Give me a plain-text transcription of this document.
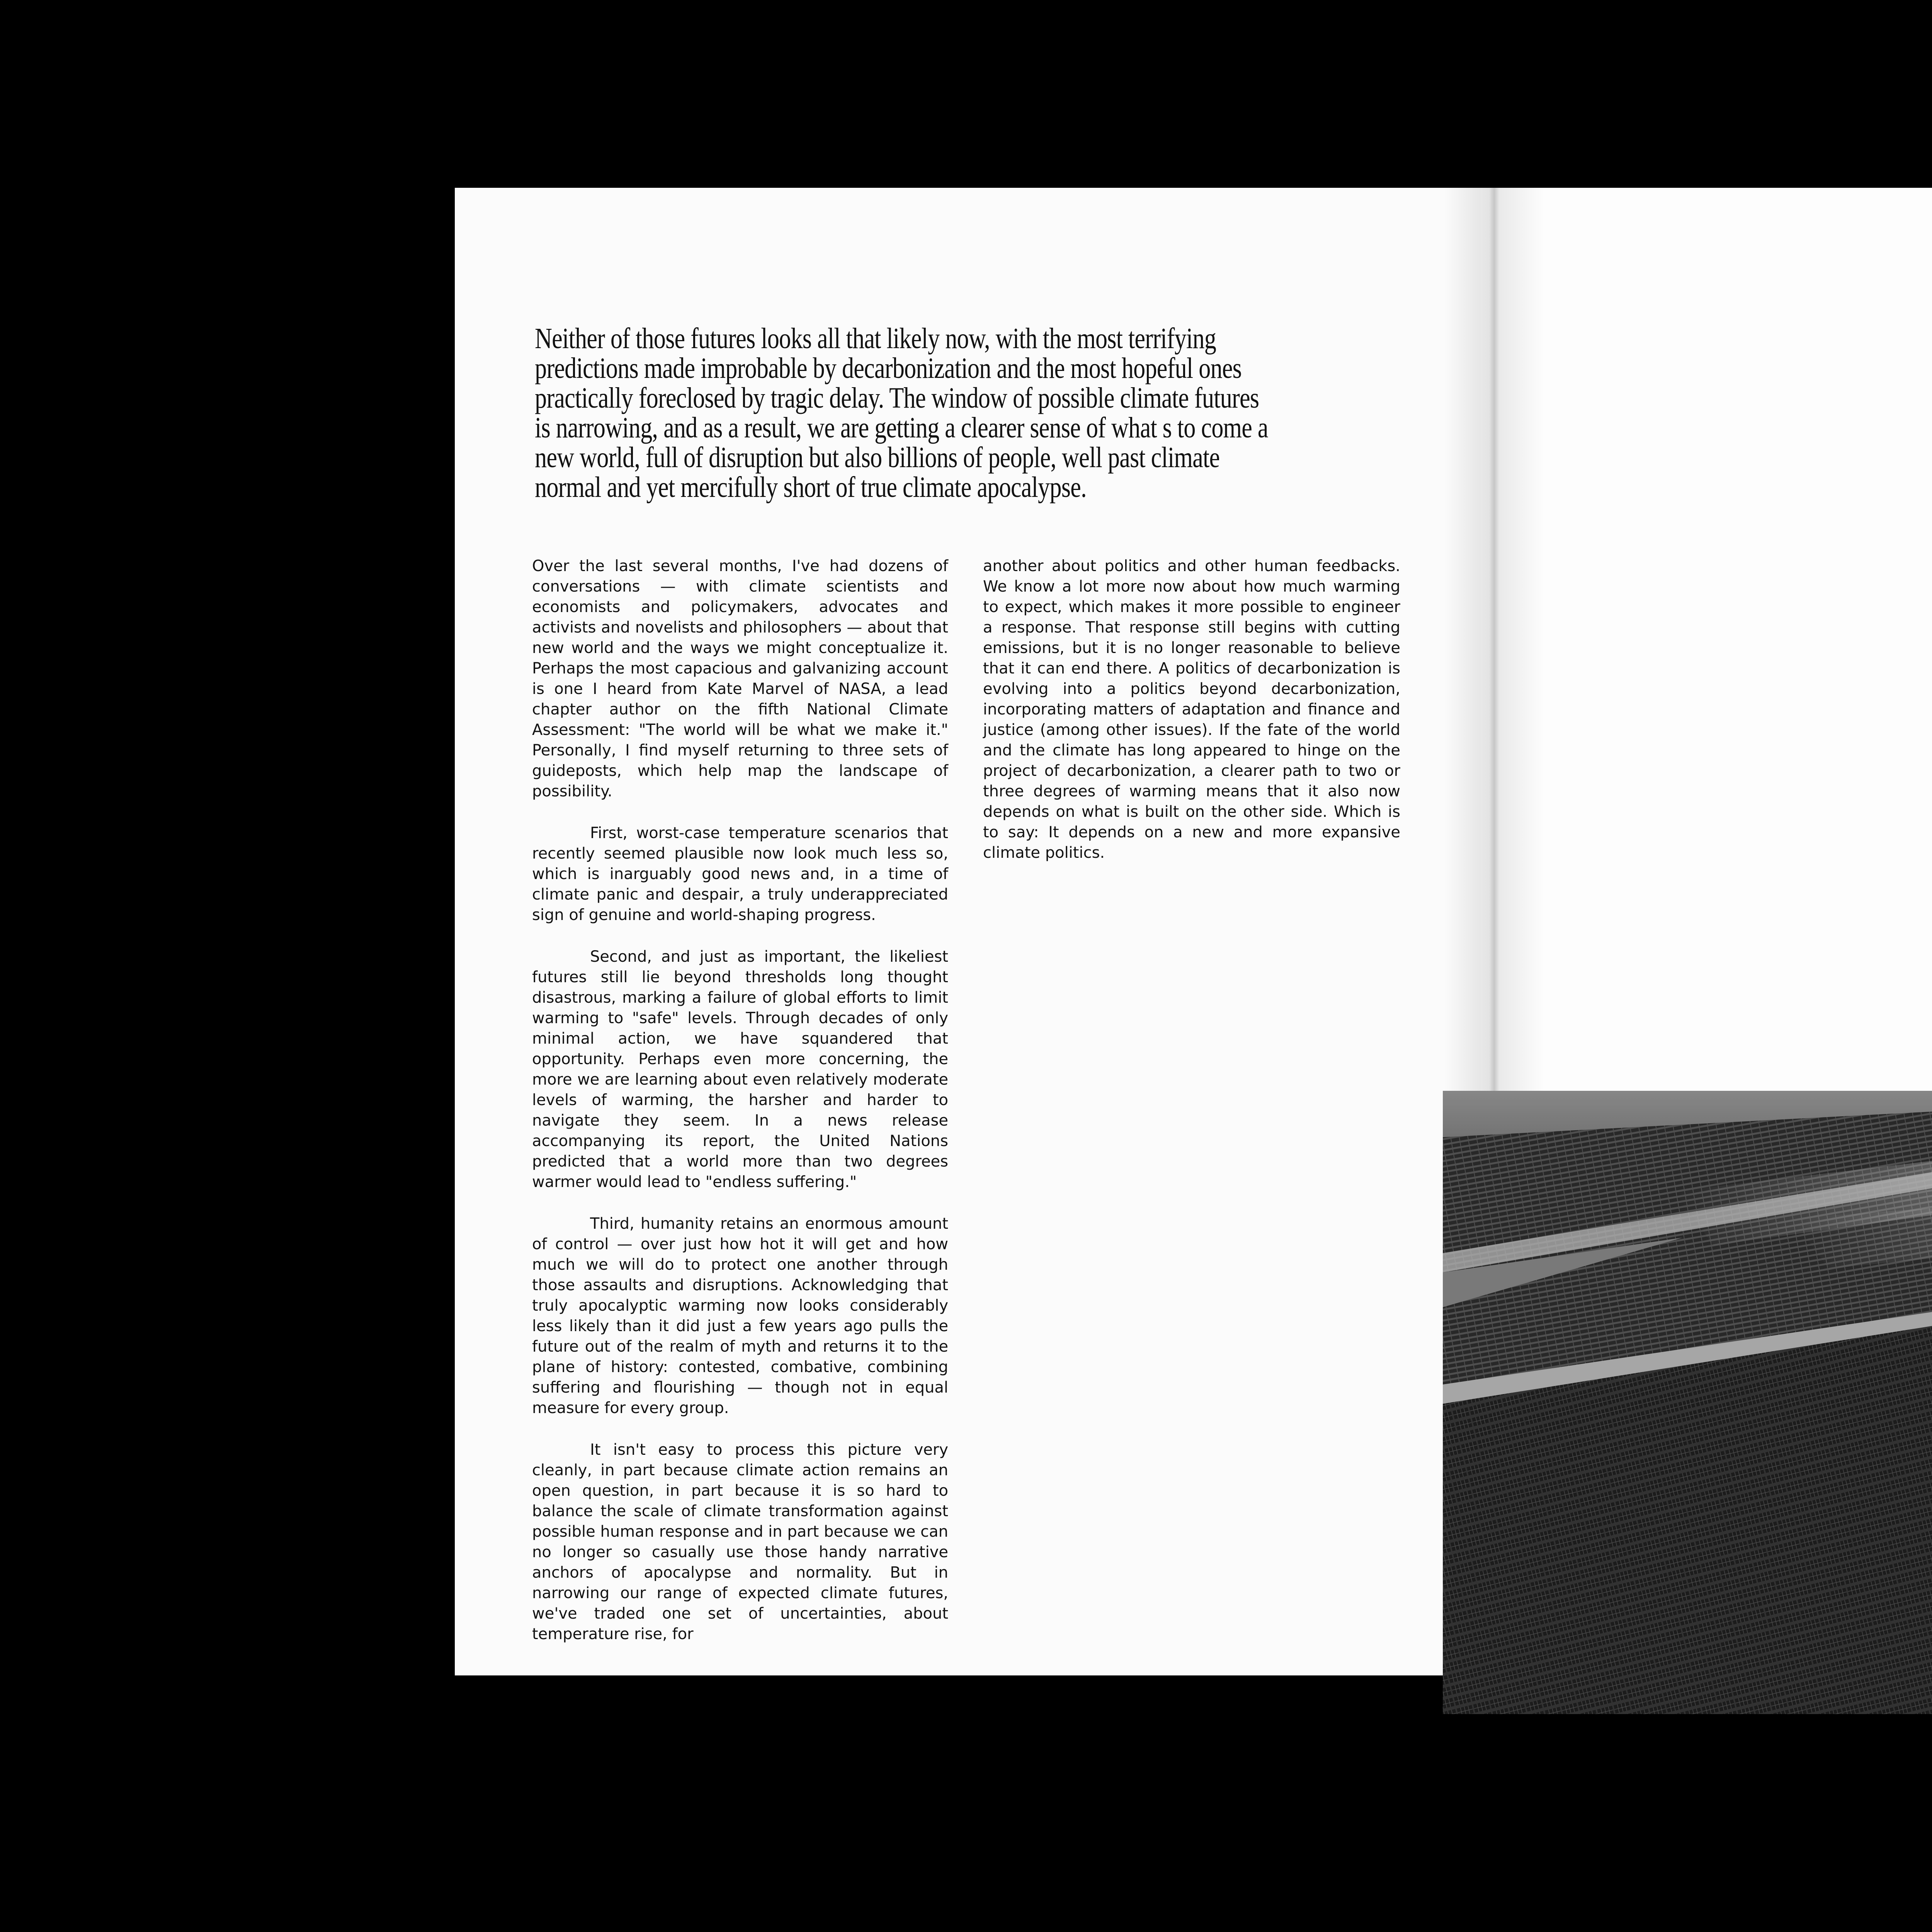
Neither of those futures looks all that likely now, with the most terrifying predictions made improbable by decarbonization and the most hopeful ones practically foreclosed by tragic delay. The window of possible climate futures is narrowing, and as a result, we are getting a clearer sense of what s to come a new world, full of disruption but also billions of people, well past climate normal and yet mercifully short of true climate apocalypse.

Over the last several months, I've had dozens of conversations — with climate scientists and economists and policymakers, advocates and activists and novelists and philosophers — about that new world and the ways we might conceptualize it. Perhaps the most capacious and galvanizing account is one I heard from Kate Marvel of NASA, a lead chapter author on the fifth National Climate Assessment: "The world will be what we make it." Personally, I find myself returning to three sets of guideposts, which help map the landscape of possibility.

First, worst-case temperature scenarios that recently seemed plausible now look much less so, which is inarguably good news and, in a time of climate panic and despair, a truly underappreciated sign of genuine and world-shaping progress.

Second, and just as important, the likeliest futures still lie beyond thresholds long thought disastrous, marking a failure of global efforts to limit warming to "safe" levels. Through decades of only minimal action, we have squandered that opportunity. Perhaps even more concerning, the more we are learning about even relatively moderate levels of warming, the harsher and harder to navigate they seem. In a news release accompanying its report, the United Nations predicted that a world more than two degrees warmer would lead to "endless suffering."

Third, humanity retains an enormous amount of control — over just how hot it will get and how much we will do to protect one another through those assaults and disruptions. Acknowledging that truly apocalyptic warming now looks considerably less likely than it did just a few years ago pulls the future out of the realm of myth and returns it to the plane of history: contested, combative, combining suffering and flourishing — though not in equal measure for every group.

It isn't easy to process this picture very cleanly, in part because climate action remains an open question, in part because it is so hard to balance the scale of climate transformation against possible human response and in part because we can no longer so casually use those handy narrative anchors of apocalypse and normality. But in narrowing our range of expected climate futures, we've traded one set of uncertainties, about temperature rise, for

another about politics and other human feedbacks. We know a lot more now about how much warming to expect, which makes it more possible to engineer a response. That response still begins with cutting emissions, but it is no longer reasonable to believe that it can end there. A politics of decarbonization is evolving into a politics beyond decarbonization, incorporating matters of adaptation and finance and justice (among other issues). If the fate of the world and the climate has long appeared to hinge on the project of decarbonization, a clearer path to two or three degrees of warming means that it also now depends on what is built on the other side. Which is to say: It depends on a new and more expansive climate politics.
